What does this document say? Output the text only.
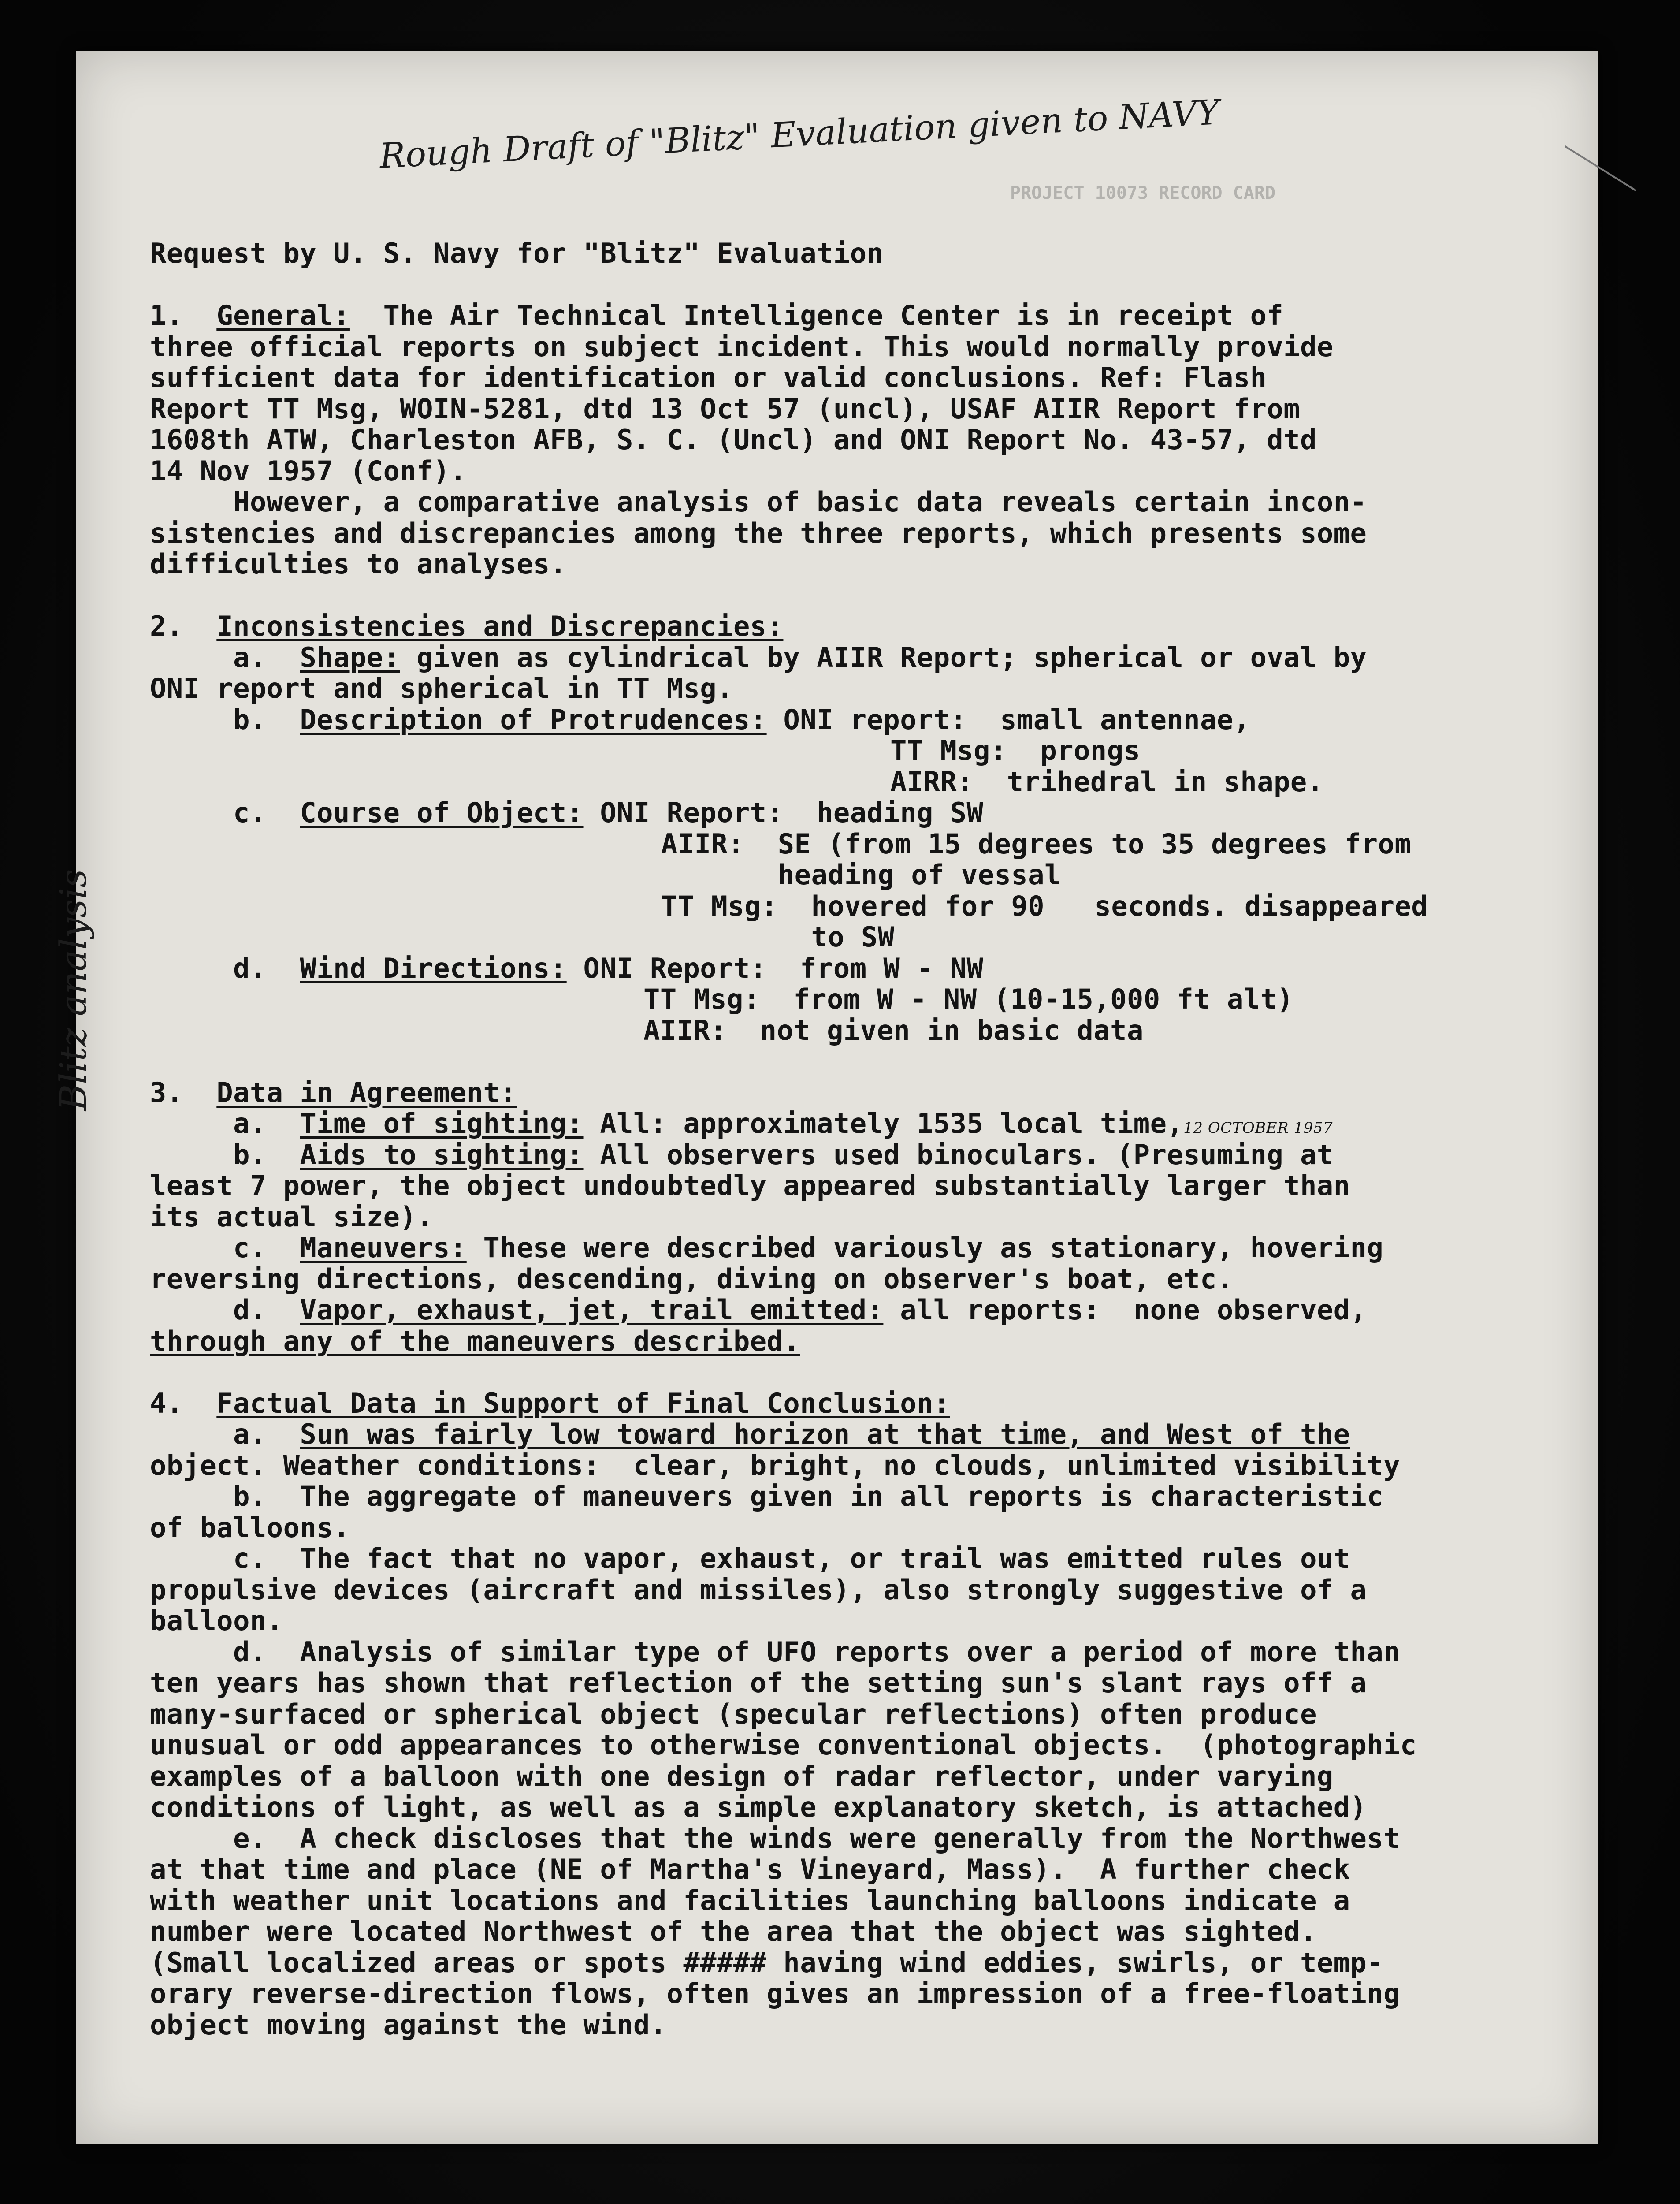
PROJECT 10073 RECORD CARD
Rough Draft of "Blitz" Evaluation given to NAVY
Blitz analysis
Request by U. S. Navy for "Blitz" Evaluation
1. General: The Air Technical Intelligence Center is in receipt of
three official reports on subject incident. This would normally provide
sufficient data for identification or valid conclusions. Ref: Flash
Report TT Msg, WOIN-5281, dtd 13 Oct 57 (uncl), USAF AIIR Report from
1608th ATW, Charleston AFB, S. C. (Uncl) and ONI Report No. 43-57, dtd
14 Nov 1957 (Conf).
However, a comparative analysis of basic data reveals certain incon-
sistencies and discrepancies among the three reports, which presents some
difficulties to analyses.
2. Inconsistencies and Discrepancies:
a. Shape: given as cylindrical by AIIR Report; spherical or oval by
ONI report and spherical in TT Msg.
b. Description of Protrudences: ONI report:  small antennae,
TT Msg:  prongs
AIRR:  trihedral in shape.
c. Course of Object: ONI Report:  heading SW
AIIR:  SE (from 15 degrees to 35 degrees from
heading of vessal
TT Msg:  hovered for 90   seconds. disappeared
to SW
d. Wind Directions: ONI Report:  from W - NW
TT Msg:  from W - NW (10-15,000 ft alt)
AIIR:  not given in basic data
3. Data in Agreement:
a. Time of sighting: All: approximately 1535 local time,12 OCTOBER 1957
b. Aids to sighting: All observers used binoculars. (Presuming at
least 7 power, the object undoubtedly appeared substantially larger than
its actual size).
c. Maneuvers: These were described variously as stationary, hovering
reversing directions, descending, diving on observer's boat, etc.
d. Vapor, exhaust, jet, trail emitted: all reports:  none observed,
through any of the maneuvers described.
4. Factual Data in Support of Final Conclusion:
a. Sun was fairly low toward horizon at that time, and West of the
object. Weather conditions:  clear, bright, no clouds, unlimited visibility
b.  The aggregate of maneuvers given in all reports is characteristic
of balloons.
c.  The fact that no vapor, exhaust, or trail was emitted rules out
propulsive devices (aircraft and missiles), also strongly suggestive of a
balloon.
d.  Analysis of similar type of UFO reports over a period of more than
ten years has shown that reflection of the setting sun's slant rays off a
many-surfaced or spherical object (specular reflections) often produce
unusual or odd appearances to otherwise conventional objects.  (photographic
examples of a balloon with one design of radar reflector, under varying
conditions of light, as well as a simple explanatory sketch, is attached)
e.  A check discloses that the winds were generally from the Northwest
at that time and place (NE of Martha's Vineyard, Mass).  A further check
with weather unit locations and facilities launching balloons indicate a
number were located Northwest of the area that the object was sighted.
(Small localized areas or spots ##### having wind eddies, swirls, or temp-
orary reverse-direction flows, often gives an impression of a free-floating
object moving against the wind.
